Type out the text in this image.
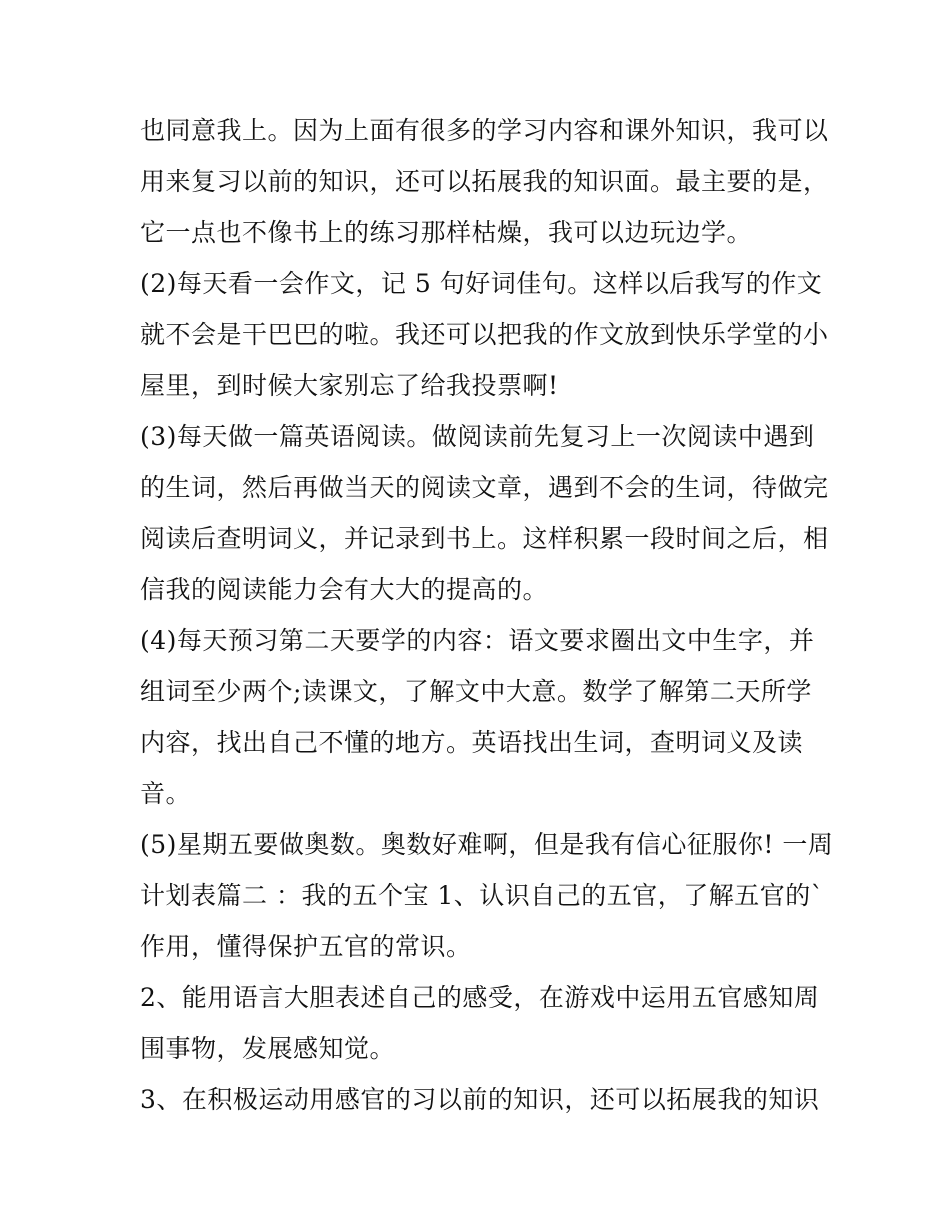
也同意我上。因为上面有很多的学习内容和课外知识，我可以
用来复习以前的知识，还可以拓展我的知识面。最主要的是，
它一点也不像书上的练习那样枯燥，我可以边玩边学。
(2)每天看一会作文，记 5 句好词佳句。这样以后我写的作文
就不会是干巴巴的啦。我还可以把我的作文放到快乐学堂的小
屋里，到时候大家别忘了给我投票啊!
(3)每天做一篇英语阅读。做阅读前先复习上一次阅读中遇到
的生词，然后再做当天的阅读文章，遇到不会的生词，待做完
阅读后查明词义，并记录到书上。这样积累一段时间之后，相
信我的阅读能力会有大大的提高的。
(4)每天预习第二天要学的内容：语文要求圈出文中生字，并
组词至少两个;读课文，了解文中大意。数学了解第二天所学
内容，找出自己不懂的地方。英语找出生词，查明词义及读
音。
(5)星期五要做奥数。奥数好难啊，但是我有信心征服你! 一周
计划表篇二 ：我的五个宝 1、认识自己的五官，了解五官的`
作用，懂得保护五官的常识。
2、能用语言大胆表述自己的感受，在游戏中运用五官感知周
围事物，发展感知觉。
3、在积极运动用感官的习以前的知识，还可以拓展我的知识
